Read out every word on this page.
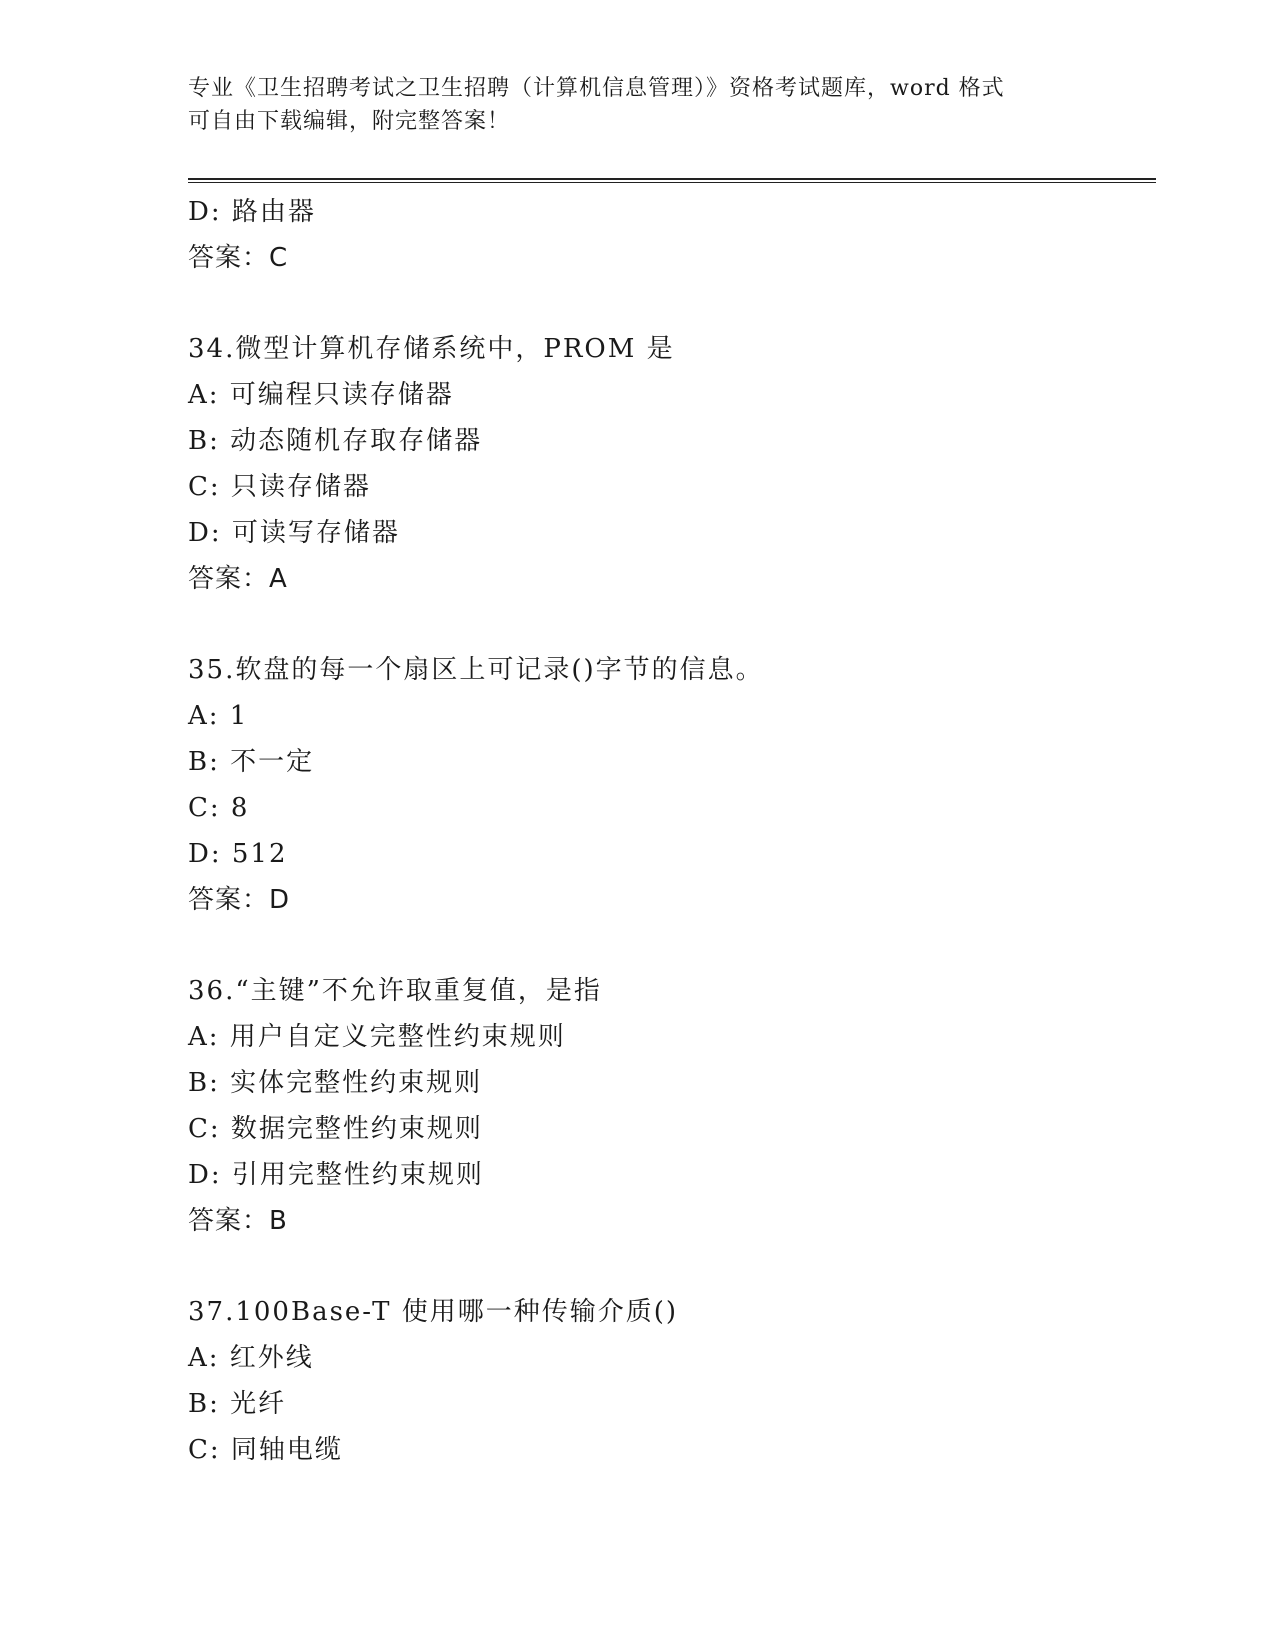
专业《卫生招聘考试之卫生招聘（计算机信息管理）》资格考试题库，word 格式
可自由下载编辑，附完整答案！
D: 路由器
答案：C
34.微型计算机存储系统中，PROM 是
A: 可编程只读存储器
B: 动态随机存取存储器
C: 只读存储器
D: 可读写存储器
答案：A
35.软盘的每一个扇区上可记录()字节的信息。
A: 1
B: 不一定
C: 8
D: 512
答案：D
36.“主键”不允许取重复值，是指
A: 用户自定义完整性约束规则
B: 实体完整性约束规则
C: 数据完整性约束规则
D: 引用完整性约束规则
答案：B
37.100Base-T 使用哪一种传输介质()
A: 红外线
B: 光纤
C: 同轴电缆
